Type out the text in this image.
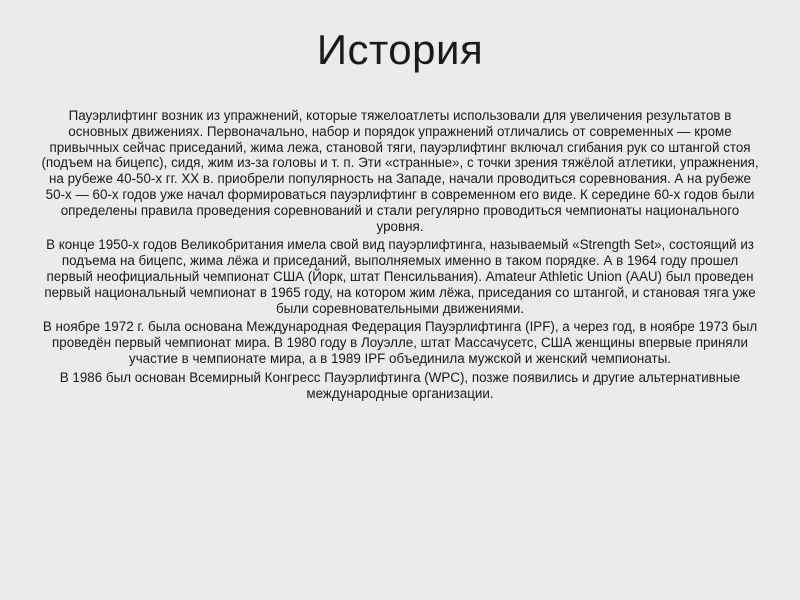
История

Пауэрлифтинг возник из упражнений, которые тяжелоатлеты использовали для увеличения результатов в основных движениях. Первоначально, набор и порядок упражнений отличались от современных — кроме привычных сейчас приседаний, жима лежа, становой тяги, пауэрлифтинг включал сгибания рук со штангой стоя (подъем на бицепс), сидя, жим из-за головы и т. п. Эти «странные», с точки зрения тяжёлой атлетики, упражнения, на рубеже 40-50-х гг. XX в. приобрели популярность на Западе, начали проводиться соревнования. А на рубеже 50-х — 60-х годов уже начал формироваться пауэрлифтинг в современном его виде. К середине 60-х годов были определены правила проведения соревнований и стали регулярно проводиться чемпионаты национального уровня.

В конце 1950-х годов Великобритания имела свой вид пауэрлифтинга, называемый «Strength Set», состоящий из подъема на бицепс, жима лёжа и приседаний, выполняемых именно в таком порядке. А в 1964 году прошел первый неофициальный чемпионат США (Йорк, штат Пенсильвания). Amateur Athletic Union (AAU) был проведен первый национальный чемпионат в 1965 году, на котором жим лёжа, приседания со штангой, и становая тяга уже были соревновательными движениями.

В ноябре 1972 г. была основана Международная Федерация Пауэрлифтинга (IPF), а через год, в ноябре 1973 был проведён первый чемпионат мира. В 1980 году в Лоуэлле, штат Массачусетс, США женщины впервые приняли участие в чемпионате мира, а в 1989 IPF объединила мужской и женский чемпионаты.

В 1986 был основан Всемирный Конгресс Пауэрлифтинга (WPC), позже появились и другие альтернативные международные организации.
